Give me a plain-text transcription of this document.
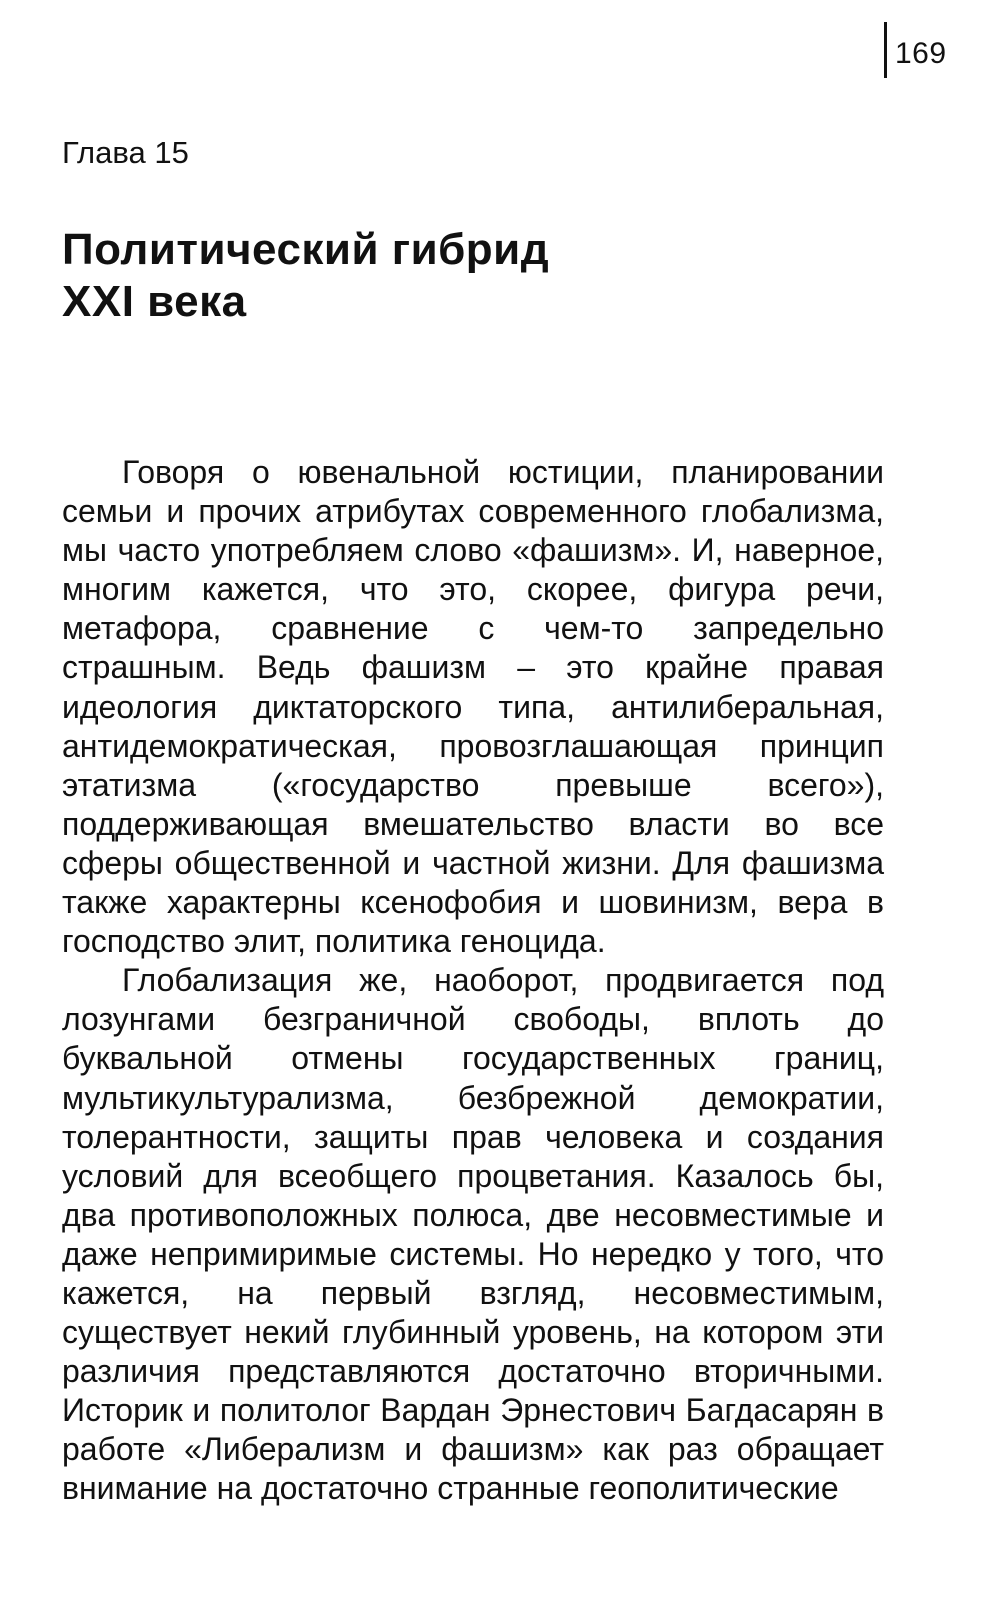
169
Глава 15
Политический гибрид
XXI века

Говоря о ювенальной юстиции, планировании семьи и прочих атрибутах современного глобализма, мы часто употребляем слово «фашизм». И, наверное, многим кажется, что это, скорее, фигура речи, метафора, сравнение с чем-то запредельно страшным. Ведь фашизм – это крайне правая идеология диктаторского типа, антилиберальная, антидемократическая, провозглашающая принцип этатизма («государство превыше всего»), поддерживающая вмешательство власти во все сферы общественной и частной жизни. Для фашизма также характерны ксенофобия и шовинизм, вера в господство элит, политика геноцида.

Глобализация же, наоборот, продвигается под лозунгами безграничной свободы, вплоть до буквальной отмены государственных границ, мультикультурализма, безбрежной демократии, толерантности, защиты прав человека и создания условий для всеобщего процветания. Казалось бы, два противоположных полюса, две несовместимые и даже непримиримые системы. Но нередко у того, что кажется, на первый взгляд, несовместимым, существует некий глубинный уровень, на котором эти различия представляются достаточно вторичными. Историк и политолог Вардан Эрнестович Багдасарян в работе «Либерализм и фашизм» как раз обращает внимание на достаточно странные геополитические
